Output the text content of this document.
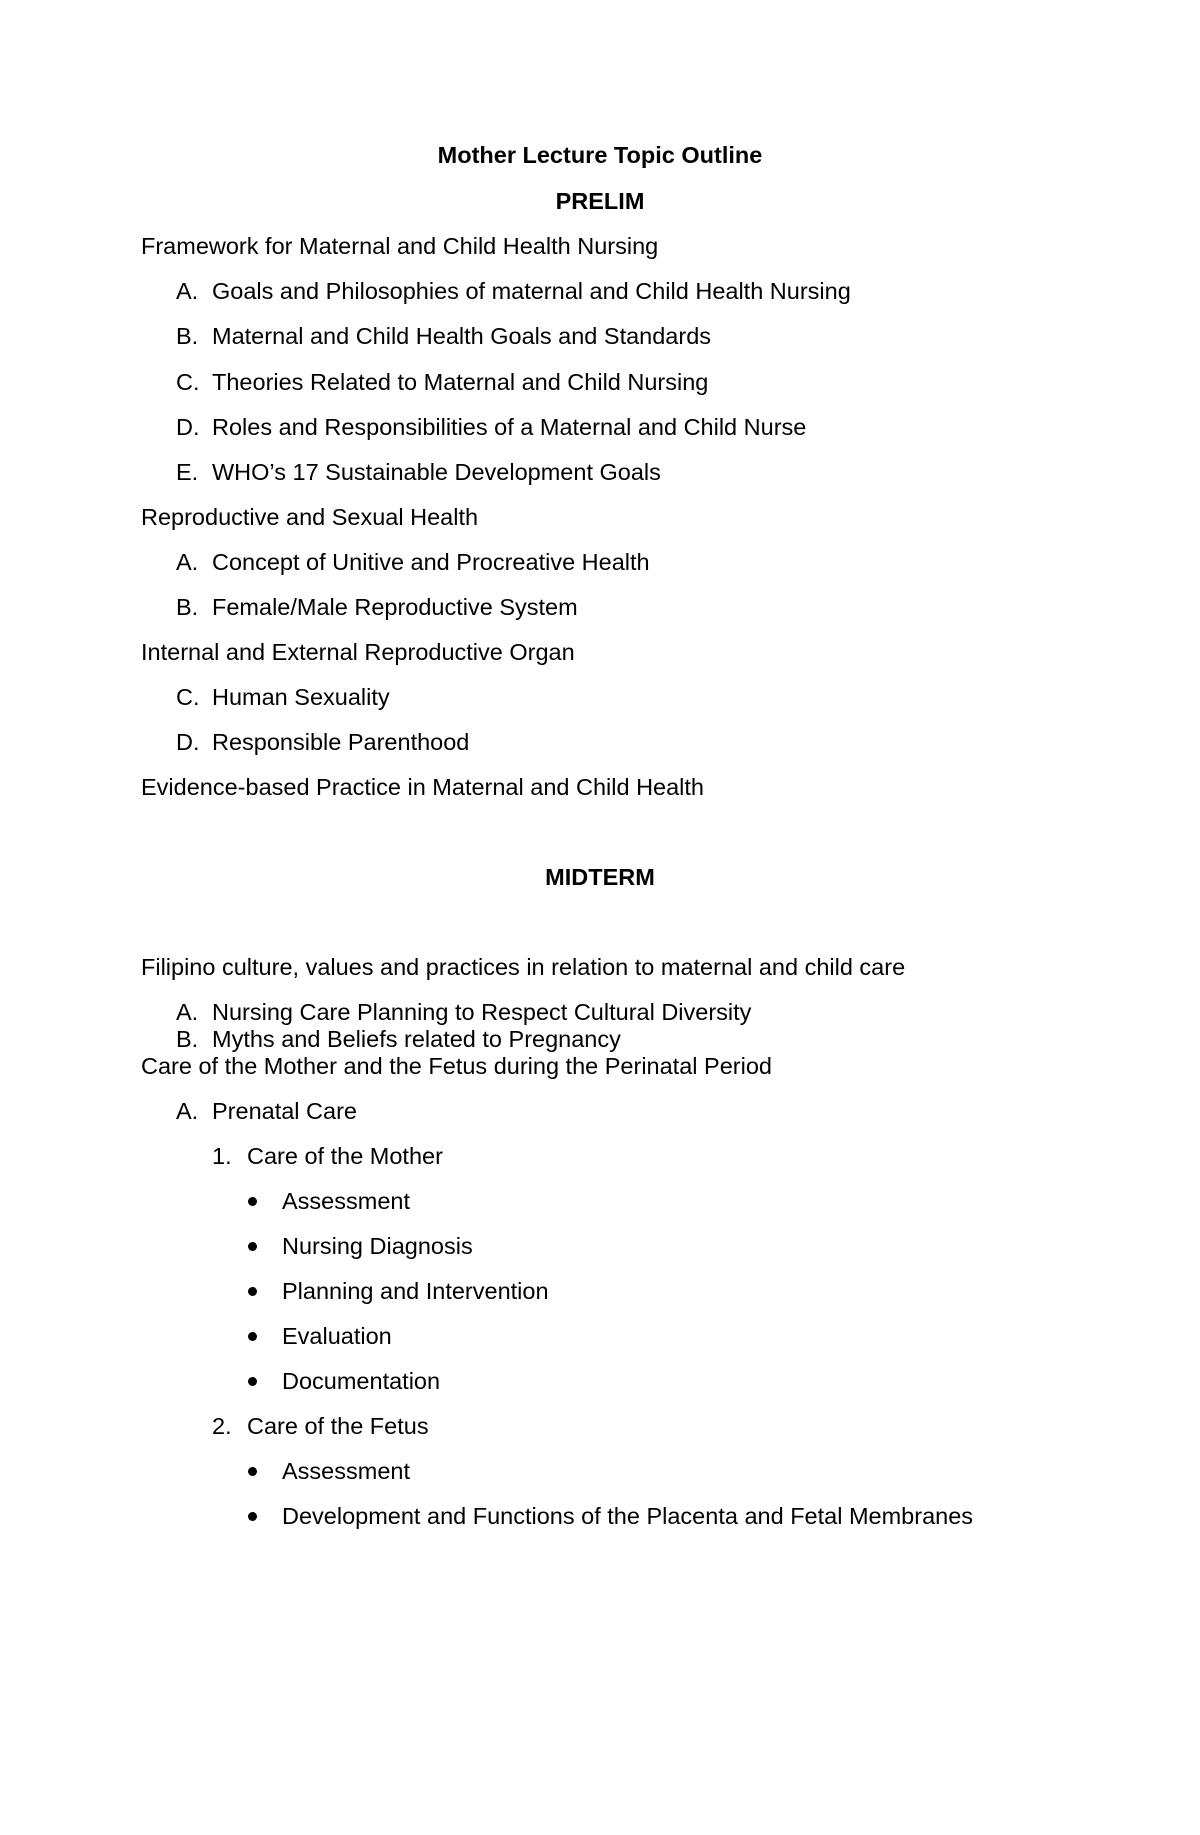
Mother Lecture Topic Outline
PRELIM
Framework for Maternal and Child Health Nursing
A. Goals and Philosophies of maternal and Child Health Nursing
B. Maternal and Child Health Goals and Standards
C. Theories Related to Maternal and Child Nursing
D. Roles and Responsibilities of a Maternal and Child Nurse
E. WHO’s 17 Sustainable Development Goals
Reproductive and Sexual Health
A. Concept of Unitive and Procreative Health
B. Female/Male Reproductive System
Internal and External Reproductive Organ
C. Human Sexuality
D. Responsible Parenthood
Evidence-based Practice in Maternal and Child Health
MIDTERM
Filipino culture, values and practices in relation to maternal and child care
A. Nursing Care Planning to Respect Cultural Diversity
B. Myths and Beliefs related to Pregnancy
Care of the Mother and the Fetus during the Perinatal Period
A. Prenatal Care
1. Care of the Mother
Assessment
Nursing Diagnosis
Planning and Intervention
Evaluation
Documentation
2. Care of the Fetus
Assessment
Development and Functions of the Placenta and Fetal Membranes
